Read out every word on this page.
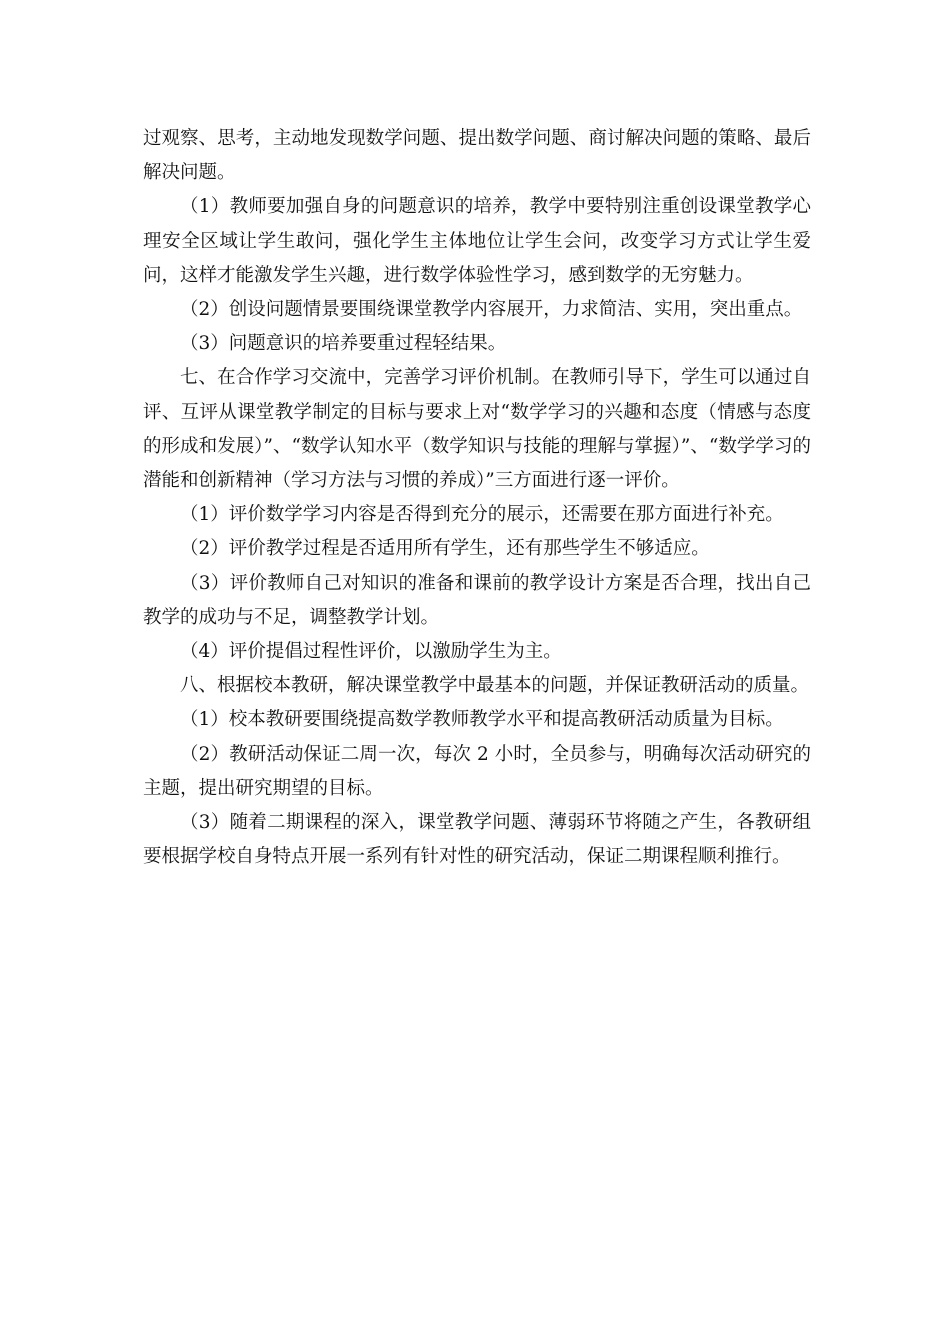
过观察、思考，主动地发现数学问题、提出数学问题、商讨解决问题的策略、最后解决问题。

（1）教师要加强自身的问题意识的培养，教学中要特别注重创设课堂教学心理安全区域让学生敢问，强化学生主体地位让学生会问，改变学习方式让学生爱问，这样才能激发学生兴趣，进行数学体验性学习，感到数学的无穷魅力。

（2）创设问题情景要围绕课堂教学内容展开，力求简洁、实用，突出重点。

（3）问题意识的培养要重过程轻结果。

七、在合作学习交流中，完善学习评价机制。在教师引导下，学生可以通过自评、互评从课堂教学制定的目标与要求上对“数学学习的兴趣和态度（情感与态度的形成和发展）”、“数学认知水平（数学知识与技能的理解与掌握）”、“数学学习的潜能和创新精神（学习方法与习惯的养成）”三方面进行逐一评价。

（1）评价数学学习内容是否得到充分的展示，还需要在那方面进行补充。

（2）评价教学过程是否适用所有学生，还有那些学生不够适应。

（3）评价教师自己对知识的准备和课前的教学设计方案是否合理，找出自己教学的成功与不足，调整教学计划。

（4）评价提倡过程性评价，以激励学生为主。

八、根据校本教研，解决课堂教学中最基本的问题，并保证教研活动的质量。

（1）校本教研要围绕提高数学教师教学水平和提高教研活动质量为目标。

（2）教研活动保证二周一次，每次 2 小时，全员参与，明确每次活动研究的主题，提出研究期望的目标。

（3）随着二期课程的深入，课堂教学问题、薄弱环节将随之产生，各教研组要根据学校自身特点开展一系列有针对性的研究活动，保证二期课程顺利推行。
